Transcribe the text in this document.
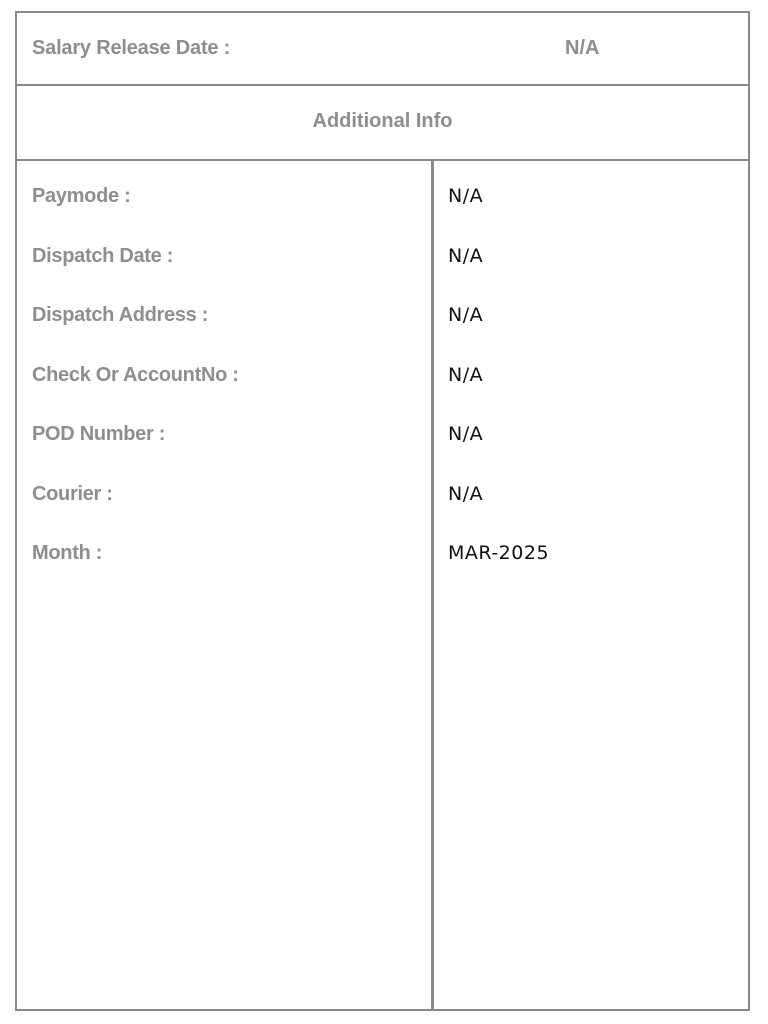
Salary Release Date :	N/A
Additional Info
Paymode :
Dispatch Date :
Dispatch Address :
Check Or AccountNo :
POD Number :
Courier :
Month :
N/A
N/A
N/A
N/A
N/A
N/A
MAR-2025
